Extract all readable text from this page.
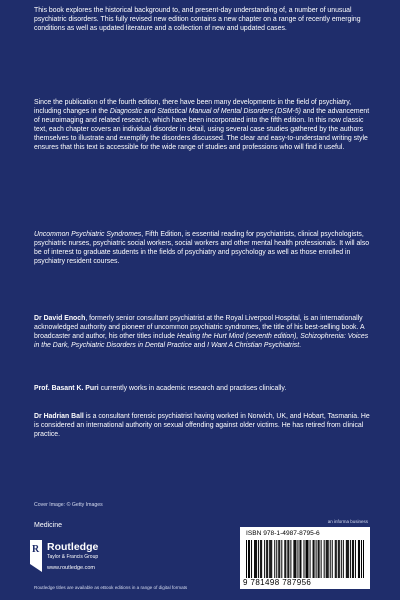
This book explores the historical background to, and present-day understanding of, a number of unusual psychiatric disorders. This fully revised new edition contains a new chapter on a range of recently emerging conditions as well as updated literature and a collection of new and updated cases.

Since the publication of the fourth edition, there have been many developments in the field of psychiatry, including changes in the Diagnostic and Statistical Manual of Mental Disorders (DSM-5) and the advancement of neuroimaging and related research, which have been incorporated into the fifth edition. In this now classic text, each chapter covers an individual disorder in detail, using several case studies gathered by the authors themselves to illustrate and exemplify the disorders discussed. The clear and easy-to-understand writing style ensures that this text is accessible for the wide range of studies and professions who will find it useful.

Uncommon Psychiatric Syndromes, Fifth Edition, is essential reading for psychiatrists, clinical psychologists, psychiatric nurses, psychiatric social workers, social workers and other mental health professionals. It will also be of interest to graduate students in the fields of psychiatry and psychology as well as those enrolled in psychiatry resident courses.

Dr David Enoch, formerly senior consultant psychiatrist at the Royal Liverpool Hospital, is an internationally acknowledged authority and pioneer of uncommon psychiatric syndromes, the title of his best-selling book. A broadcaster and author, his other titles include Healing the Hurt Mind (seventh edition), Schizophrenia: Voices in the Dark, Psychiatric Disorders in Dental Practice and I Want A Christian Psychiatrist.

Prof. Basant K. Puri currently works in academic research and practises clinically.

Dr Hadrian Ball is a consultant forensic psychiatrist having worked in Norwich, UK, and Hobart, Tasmania. He is considered an international authority on sexual offending against older victims. He has retired from clinical practice.

Cover Image: © Getty Images
Medicine
an informa business
R Routledge
Taylor & Francis Group
www.routledge.com
ISBN 978-1-4987-8795-6
9 781498 787956
Routledge titles are available as eBook editions in a range of digital formats
